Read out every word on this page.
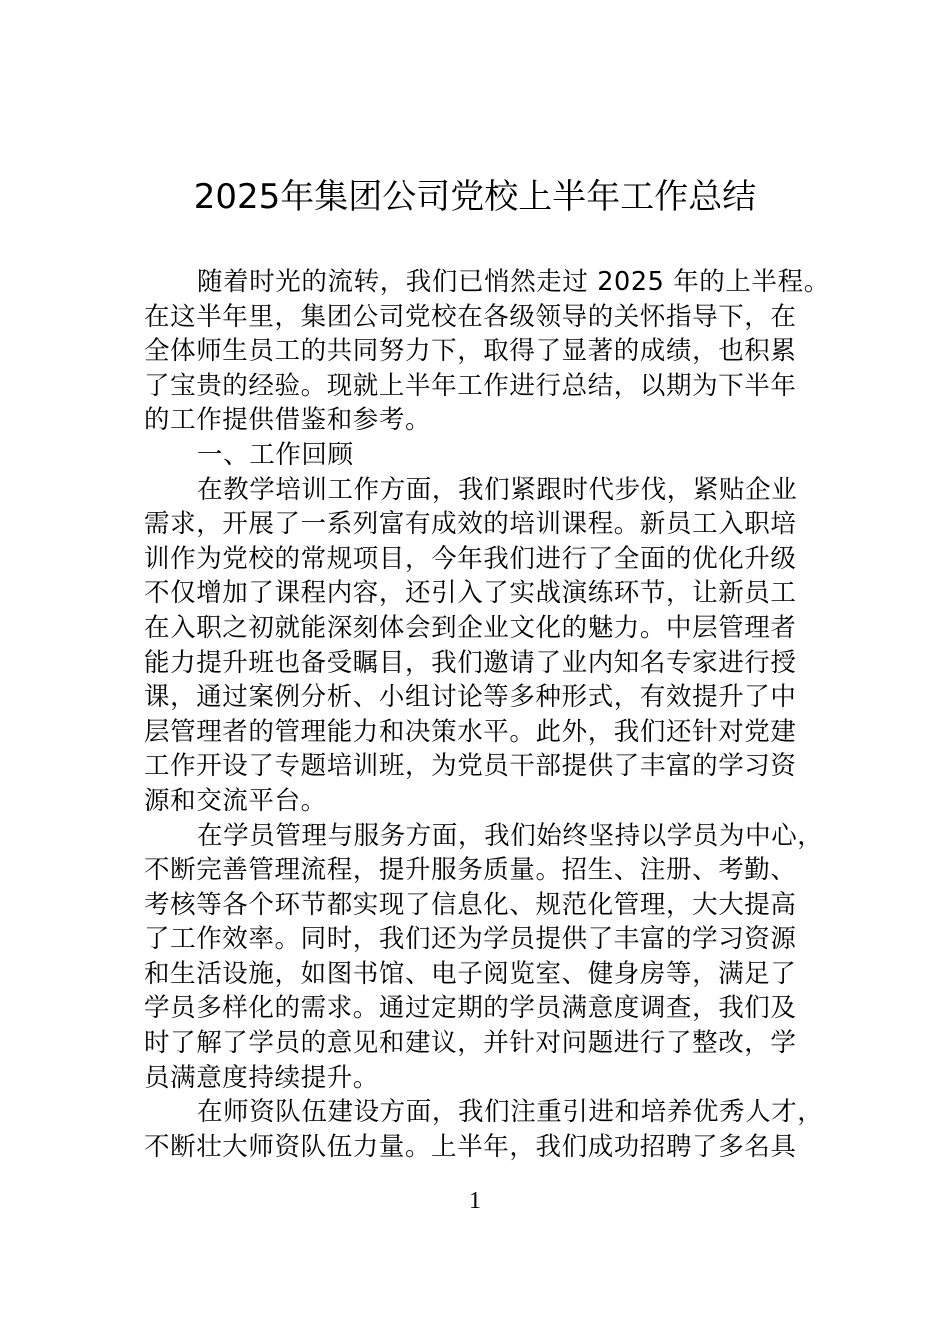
2025年集团公司党校上半年工作总结
随着时光的流转，我们已悄然走过 2025 年的上半程。
在这半年里，集团公司党校在各级领导的关怀指导下，在
全体师生员工的共同努力下，取得了显著的成绩，也积累
了宝贵的经验。现就上半年工作进行总结，以期为下半年
的工作提供借鉴和参考。
一、工作回顾
在教学培训工作方面，我们紧跟时代步伐，紧贴企业
需求，开展了一系列富有成效的培训课程。新员工入职培
训作为党校的常规项目，今年我们进行了全面的优化升级
不仅增加了课程内容，还引入了实战演练环节，让新员工
在入职之初就能深刻体会到企业文化的魅力。中层管理者
能力提升班也备受瞩目，我们邀请了业内知名专家进行授
课，通过案例分析、小组讨论等多种形式，有效提升了中
层管理者的管理能力和决策水平。此外，我们还针对党建
工作开设了专题培训班，为党员干部提供了丰富的学习资
源和交流平台。
在学员管理与服务方面，我们始终坚持以学员为中心，
不断完善管理流程，提升服务质量。招生、注册、考勤、
考核等各个环节都实现了信息化、规范化管理，大大提高
了工作效率。同时，我们还为学员提供了丰富的学习资源
和生活设施，如图书馆、电子阅览室、健身房等，满足了
学员多样化的需求。通过定期的学员满意度调查，我们及
时了解了学员的意见和建议，并针对问题进行了整改，学
员满意度持续提升。
在师资队伍建设方面，我们注重引进和培养优秀人才，
不断壮大师资队伍力量。上半年，我们成功招聘了多名具
1
